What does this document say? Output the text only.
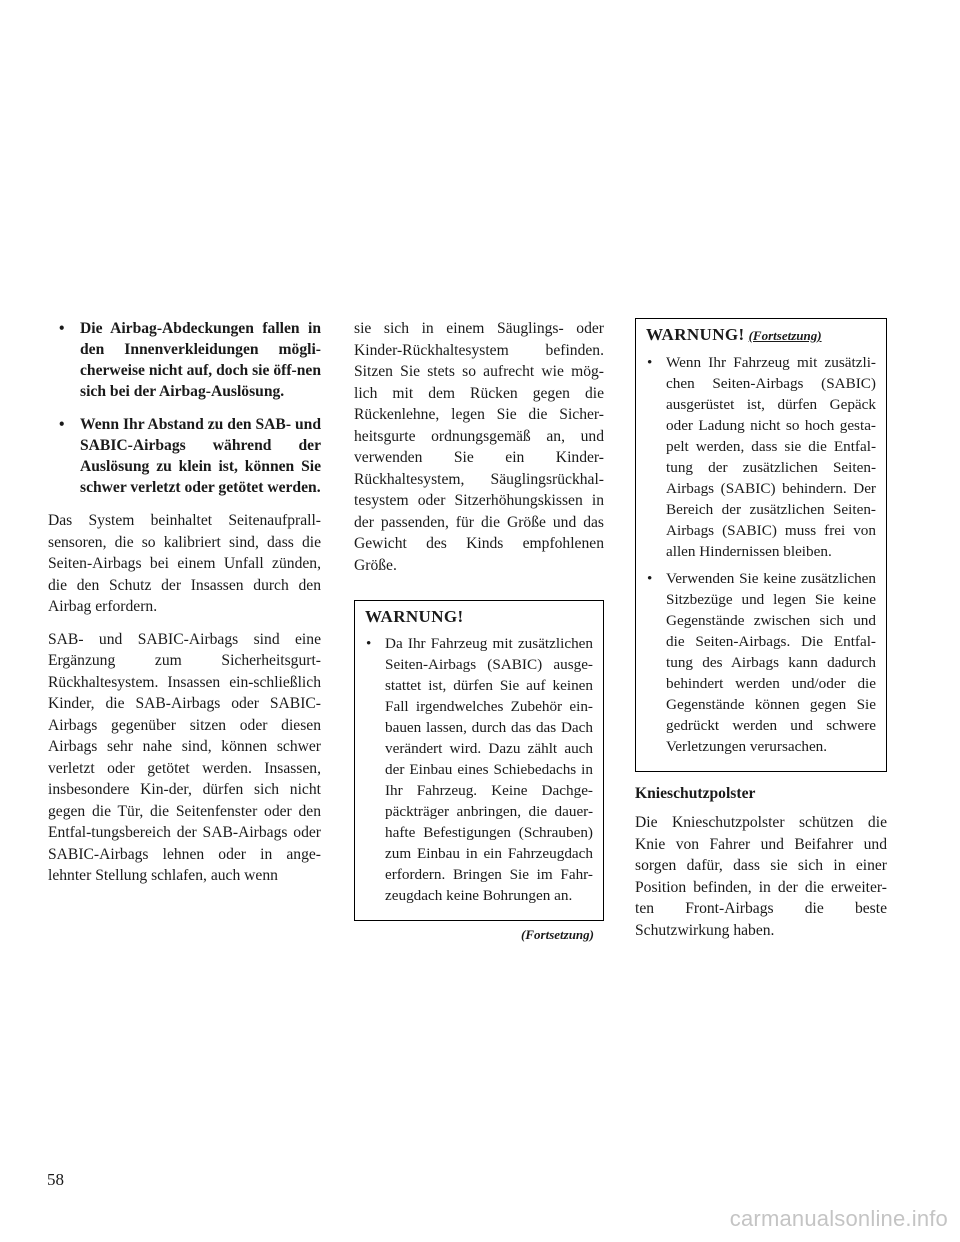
• Die Airbag-Abdeckungen fallen in den Innenverkleidungen mögli-cherweise nicht auf, doch sie öff-nen sich bei der Airbag-Auslösung.
• Wenn Ihr Abstand zu den SAB- und SABIC-Airbags während der Auslösung zu klein ist, können Sie schwer verletzt oder getötet werden.

Das System beinhaltet Seitenaufprall-sensoren, die so kalibriert sind, dass die Seiten-Airbags bei einem Unfall zünden, die den Schutz der Insassen durch den Airbag erfordern.

SAB- und SABIC-Airbags sind eine Ergänzung zum Sicherheitsgurt-Rückhaltesystem. Insassen ein-schließlich Kinder, die SAB-Airbags oder SABIC-Airbags gegenüber sitzen oder diesen Airbags sehr nahe sind, können schwer verletzt oder getötet werden. Insassen, insbesondere Kin-der, dürfen sich nicht gegen die Tür, die Seitenfenster oder den Entfal-tungsbereich der SAB-Airbags oder SABIC-Airbags lehnen oder in ange-lehnter Stellung schlafen, auch wenn

sie sich in einem Säuglings- oder Kinder-Rückhaltesystem befinden. Sitzen Sie stets so aufrecht wie mög-lich mit dem Rücken gegen die Rückenlehne, legen Sie die Sicher-heitsgurte ordnungsgemäß an, und verwenden Sie ein Kinder-Rückhaltesystem, Säuglingsrückhal-tesystem oder Sitzerhöhungskissen in der passenden, für die Größe und das Gewicht des Kinds empfohlenen Größe.

WARNUNG!
• Da Ihr Fahrzeug mit zusätzlichen Seiten-Airbags (SABIC) ausge-stattet ist, dürfen Sie auf keinen Fall irgendwelches Zubehör ein-bauen lassen, durch das das Dach verändert wird. Dazu zählt auch der Einbau eines Schiebedachs in Ihr Fahrzeug. Keine Dachge-päckträger anbringen, die dauer-hafte Befestigungen (Schrauben) zum Einbau in ein Fahrzeugdach erfordern. Bringen Sie im Fahr-zeugdach keine Bohrungen an.
(Fortsetzung)
WARNUNG! (Fortsetzung)
• Wenn Ihr Fahrzeug mit zusätzli-chen Seiten-Airbags (SABIC) ausgerüstet ist, dürfen Gepäck oder Ladung nicht so hoch gesta-pelt werden, dass sie die Entfal-tung der zusätzlichen Seiten-Airbags (SABIC) behindern. Der Bereich der zusätzlichen Seiten-Airbags (SABIC) muss frei von allen Hindernissen bleiben.
• Verwenden Sie keine zusätzlichen Sitzbezüge und legen Sie keine Gegenstände zwischen sich und die Seiten-Airbags. Die Entfal-tung des Airbags kann dadurch behindert werden und/oder die Gegenstände können gegen Sie gedrückt werden und schwere Verletzungen verursachen.
Knieschutzpolster

Die Knieschutzpolster schützen die Knie von Fahrer und Beifahrer und sorgen dafür, dass sie sich in einer Position befinden, in der die erweiter-ten Front-Airbags die beste Schutzwirkung haben.

58
carmanualsonline.info
